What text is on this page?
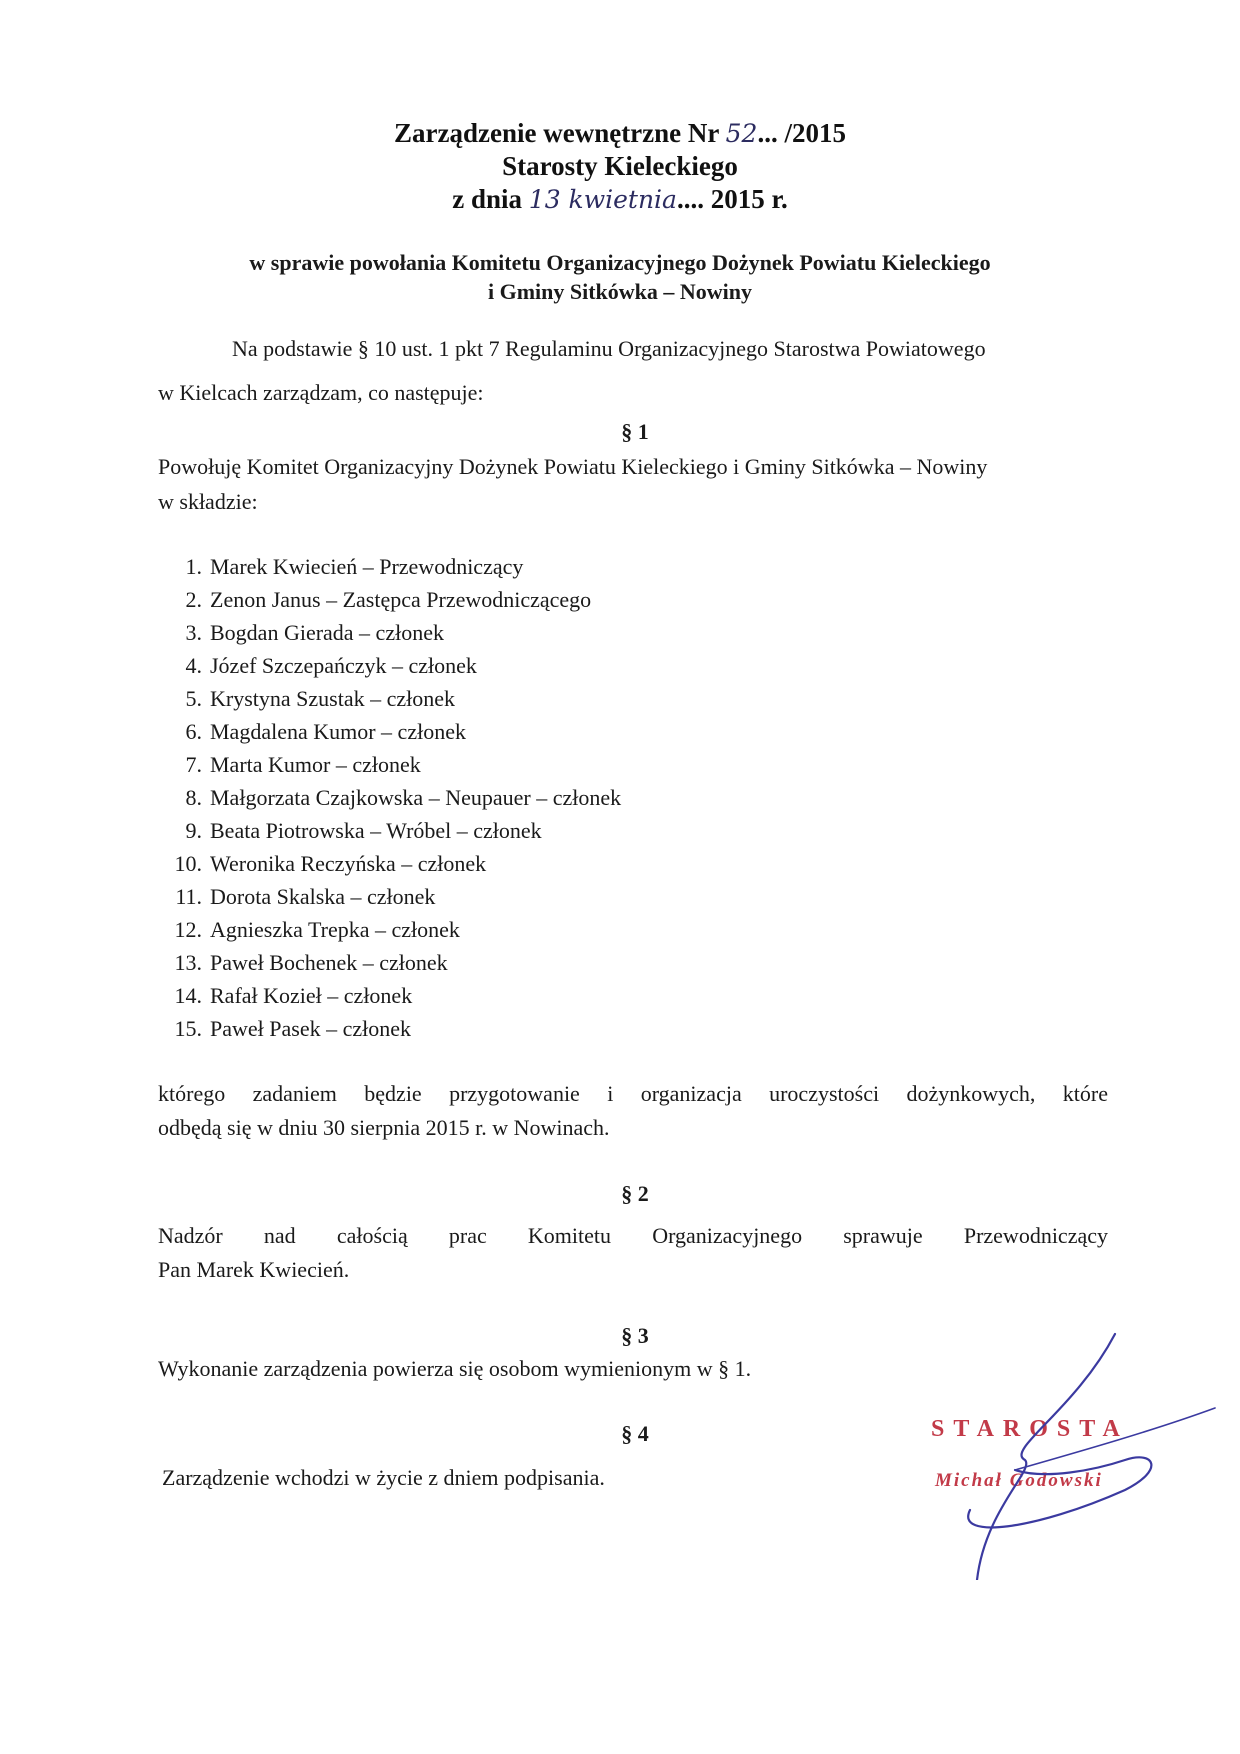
Zarządzenie wewnętrzne Nr 52... /2015
Starosty Kieleckiego
z dnia 13 kwietnia.... 2015 r.
w sprawie powołania Komitetu Organizacyjnego Dożynek Powiatu Kieleckiego
i Gminy Sitkówka – Nowiny
Na podstawie § 10 ust. 1 pkt 7 Regulaminu Organizacyjnego Starostwa Powiatowego
w Kielcach zarządzam, co następuje:
§ 1
Powołuję Komitet Organizacyjny Dożynek Powiatu Kieleckiego i Gminy Sitkówka – Nowiny
w składzie:
1. Marek Kwiecień – Przewodniczący
2. Zenon Janus – Zastępca Przewodniczącego
3. Bogdan Gierada – członek
4. Józef Szczepańczyk – członek
5. Krystyna Szustak – członek
6. Magdalena Kumor – członek
7. Marta Kumor – członek
8. Małgorzata Czajkowska – Neupauer – członek
9. Beata Piotrowska – Wróbel – członek
10. Weronika Reczyńska – członek
11. Dorota Skalska – członek
12. Agnieszka Trepka – członek
13. Paweł Bochenek – członek
14. Rafał Kozieł – członek
15. Paweł Pasek – członek
którego zadaniem będzie przygotowanie i organizacja uroczystości dożynkowych, które
odbędą się w dniu 30 sierpnia 2015 r. w Nowinach.
§ 2
Nadzór nad całością prac Komitetu Organizacyjnego sprawuje Przewodniczący
Pan Marek Kwiecień.
§ 3
Wykonanie zarządzenia powierza się osobom wymienionym w § 1.
§ 4
Zarządzenie wchodzi w życie z dniem podpisania.
STAROSTA
Michał Godowski
